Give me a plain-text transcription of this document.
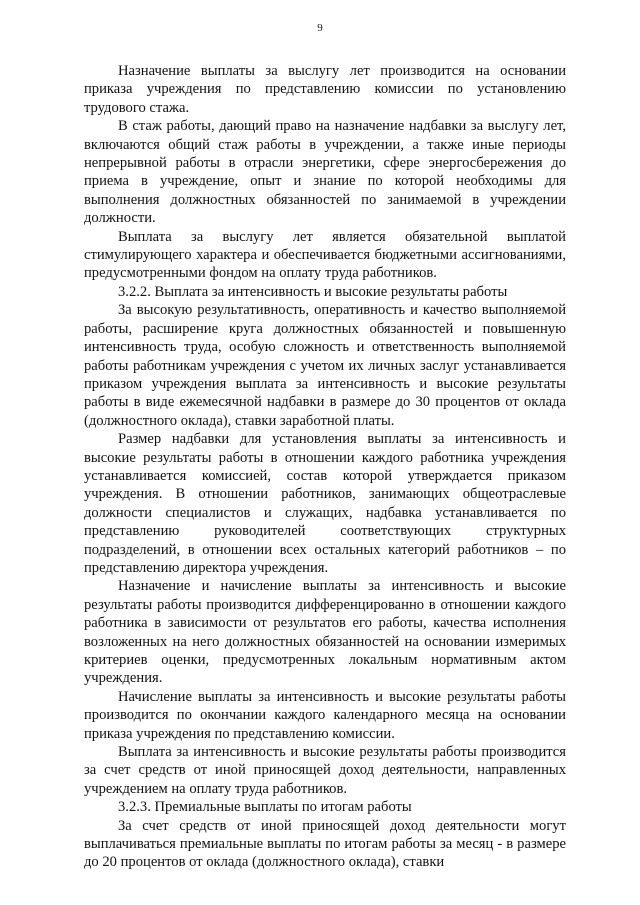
9

Назначение выплаты за выслугу лет производится на основании приказа учреждения по представлению комиссии по установлению трудового стажа.

В стаж работы, дающий право на назначение надбавки за выслугу лет, включаются общий стаж работы в учреждении, а также иные периоды непрерывной работы в отрасли энергетики, сфере энергосбережения до приема в учреждение, опыт и знание по которой необходимы для выполнения должностных обязанностей по занимаемой в учреждении должности.

Выплата за выслугу лет является обязательной выплатой стимулирующего характера и обеспечивается бюджетными ассигнованиями, предусмотренными фондом на оплату труда работников.

3.2.2. Выплата за интенсивность и высокие результаты работы

За высокую результативность, оперативность и качество выполняемой работы, расширение круга должностных обязанностей и повышенную интенсивность труда, особую сложность и ответственность выполняемой работы работникам учреждения с учетом их личных заслуг устанавливается приказом учреждения выплата за интенсивность и высокие результаты работы в виде ежемесячной надбавки в размере до 30 процентов от оклада (должностного оклада), ставки заработной платы.

Размер надбавки для установления выплаты за интенсивность и высокие результаты работы в отношении каждого работника учреждения устанавливается комиссией, состав которой утверждается приказом учреждения. В отношении работников, занимающих общеотраслевые должности специалистов и служащих, надбавка устанавливается по представлению руководителей соответствующих структурных подразделений, в отношении всех остальных категорий работников – по представлению директора учреждения.

Назначение и начисление выплаты за интенсивность и высокие результаты работы производится дифференцированно в отношении каждого работника в зависимости от результатов его работы, качества исполнения возложенных на него должностных обязанностей на основании измеримых критериев оценки, предусмотренных локальным нормативным актом учреждения.

Начисление выплаты за интенсивность и высокие результаты работы производится по окончании каждого календарного месяца на основании приказа учреждения по представлению комиссии.

Выплата за интенсивность и высокие результаты работы производится за счет средств от иной приносящей доход деятельности, направленных учреждением на оплату труда работников.

3.2.3. Премиальные выплаты по итогам работы

За счет средств от иной приносящей доход деятельности могут выплачиваться премиальные выплаты по итогам работы за месяц - в размере до 20 процентов от оклада (должностного оклада), ставки
